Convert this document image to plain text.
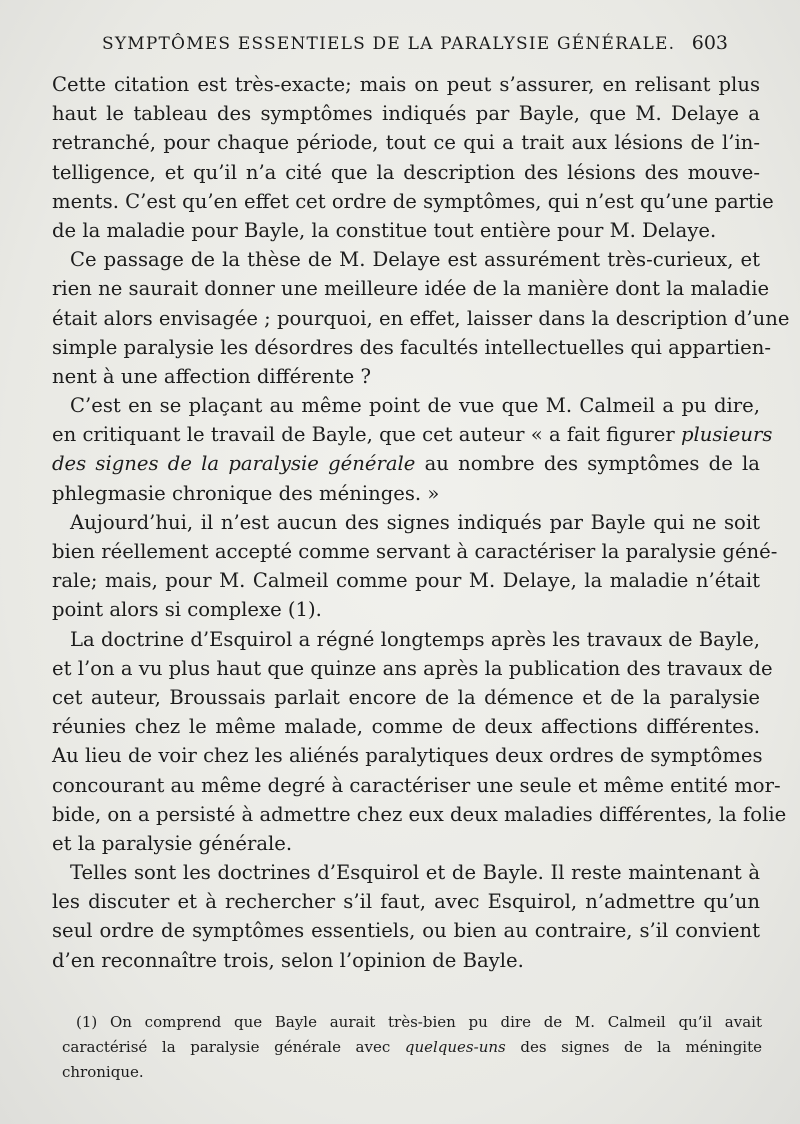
SYMPTÔMES ESSENTIELS DE LA PARALYSIE GÉNÉRALE. 603
Cette citation est très-exacte; mais on peut s’assurer, en relisant plus
haut le tableau des symptômes indiqués par Bayle, que M. Delaye a
retranché, pour chaque période, tout ce qui a trait aux lésions de l’in-
telligence, et qu’il n’a cité que la description des lésions des mouve-
ments. C’est qu’en effet cet ordre de symptômes, qui n’est qu’une partie
de la maladie pour Bayle, la constitue tout entière pour M. Delaye.
Ce passage de la thèse de M. Delaye est assurément très-curieux, et
rien ne saurait donner une meilleure idée de la manière dont la maladie
était alors envisagée ; pourquoi, en effet, laisser dans la description d’une
simple paralysie les désordres des facultés intellectuelles qui appartien-
nent à une affection différente ?
C’est en se plaçant au même point de vue que M. Calmeil a pu dire,
en critiquant le travail de Bayle, que cet auteur « a fait figurer plusieurs
des signes de la paralysie générale au nombre des symptômes de la
phlegmasie chronique des méninges. »
Aujourd’hui, il n’est aucun des signes indiqués par Bayle qui ne soit
bien réellement accepté comme servant à caractériser la paralysie géné-
rale; mais, pour M. Calmeil comme pour M. Delaye, la maladie n’était
point alors si complexe (1).
La doctrine d’Esquirol a régné longtemps après les travaux de Bayle,
et l’on a vu plus haut que quinze ans après la publication des travaux de
cet auteur, Broussais parlait encore de la démence et de la paralysie
réunies chez le même malade, comme de deux affections différentes.
Au lieu de voir chez les aliénés paralytiques deux ordres de symptômes
concourant au même degré à caractériser une seule et même entité mor-
bide, on a persisté à admettre chez eux deux maladies différentes, la folie
et la paralysie générale.
Telles sont les doctrines d’Esquirol et de Bayle. Il reste maintenant à
les discuter et à rechercher s’il faut, avec Esquirol, n’admettre qu’un
seul ordre de symptômes essentiels, ou bien au contraire, s’il convient
d’en reconnaître trois, selon l’opinion de Bayle.
(1) On comprend que Bayle aurait très-bien pu dire de M. Calmeil qu’il avait
caractérisé la paralysie générale avec quelques-uns des signes de la méningite
chronique.
